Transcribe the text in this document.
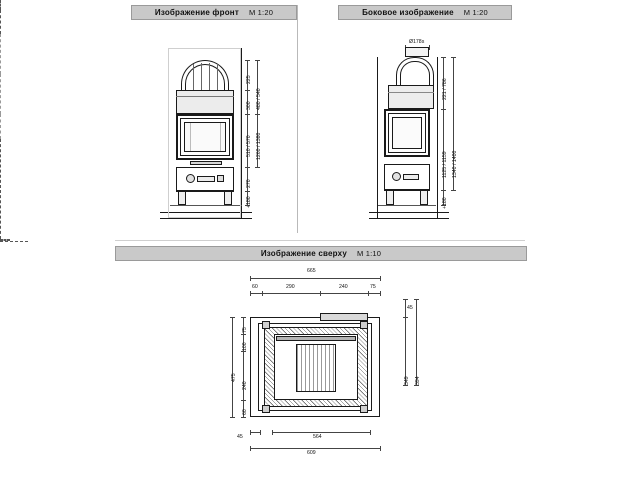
Изображение фронт М 1:20
225
300 480 / 540
510 / 570 1260 / 1380
270
+180
Боковое изображение М 1:20
Ø178s
221 / 786
1125 / 1159 1340 / 1400
+180
Изображение сверху М 1:10
665
60	290	240	75
75
100
240
60
475
45
349 394
45	564
609
